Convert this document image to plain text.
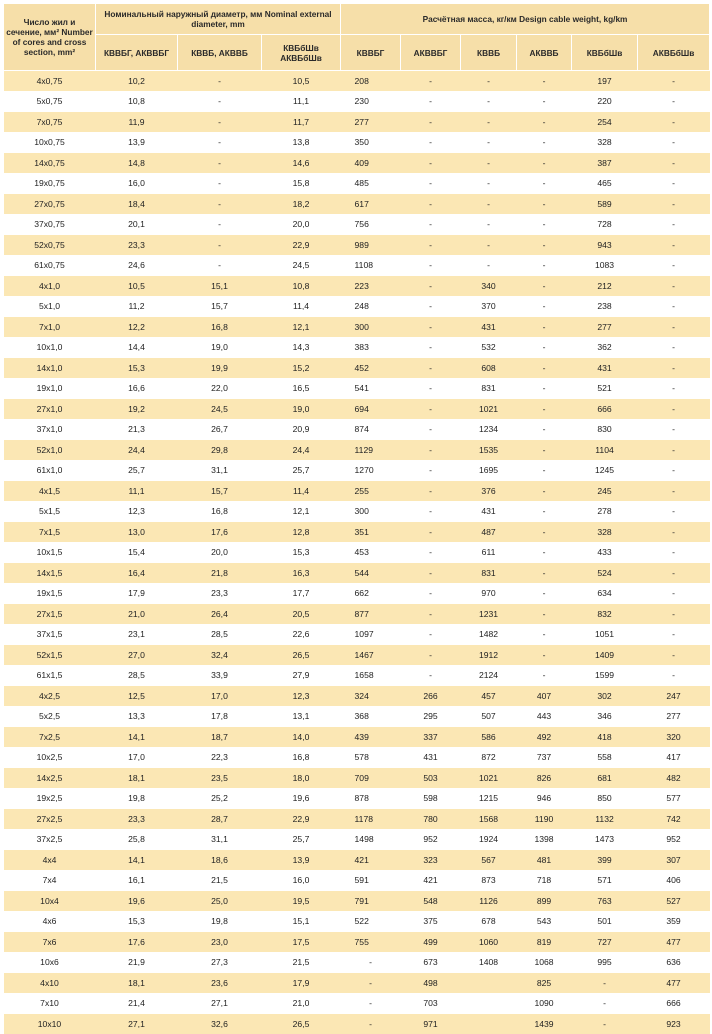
Число жил и сечение, мм² Number of cores and cross section, mm²	Номинальный наружный диаметр, мм Nominal external diameter, mm			Расчётная масса, кг/км Design cable weight, kg/km					
	КВВБГ, АКВВБГ	КВВБ, АКВВБ	КВБбШв АКВБбШв	КВВБГ	АКВВБГ	КВВБ	АКВВБ	КВБбШв	АКВБбШв
4x0,75	10,2	-	10,5	208	-	-	-	197	-
5x0,75	10,8	-	11,1	230	-	-	-	220	-
7x0,75	11,9	-	11,7	277	-	-	-	254	-
10x0,75	13,9	-	13,8	350	-	-	-	328	-
14x0,75	14,8	-	14,6	409	-	-	-	387	-
19x0,75	16,0	-	15,8	485	-	-	-	465	-
27x0,75	18,4	-	18,2	617	-	-	-	589	-
37x0,75	20,1	-	20,0	756	-	-	-	728	-
52x0,75	23,3	-	22,9	989	-	-	-	943	-
61x0,75	24,6	-	24,5	1108	-	-	-	1083	-
4x1,0	10,5	15,1	10,8	223	-	340	-	212	-
5x1,0	11,2	15,7	11,4	248	-	370	-	238	-
7x1,0	12,2	16,8	12,1	300	-	431	-	277	-
10x1,0	14,4	19,0	14,3	383	-	532	-	362	-
14x1,0	15,3	19,9	15,2	452	-	608	-	431	-
19x1,0	16,6	22,0	16,5	541	-	831	-	521	-
27x1,0	19,2	24,5	19,0	694	-	1021	-	666	-
37x1,0	21,3	26,7	20,9	874	-	1234	-	830	-
52x1,0	24,4	29,8	24,4	1129	-	1535	-	1104	-
61x1,0	25,7	31,1	25,7	1270	-	1695	-	1245	-
4x1,5	11,1	15,7	11,4	255	-	376	-	245	-
5x1,5	12,3	16,8	12,1	300	-	431	-	278	-
7x1,5	13,0	17,6	12,8	351	-	487	-	328	-
10x1,5	15,4	20,0	15,3	453	-	611	-	433	-
14x1,5	16,4	21,8	16,3	544	-	831	-	524	-
19x1,5	17,9	23,3	17,7	662	-	970	-	634	-
27x1,5	21,0	26,4	20,5	877	-	1231	-	832	-
37x1,5	23,1	28,5	22,6	1097	-	1482	-	1051	-
52x1,5	27,0	32,4	26,5	1467	-	1912	-	1409	-
61x1,5	28,5	33,9	27,9	1658	-	2124	-	1599	-
4x2,5	12,5	17,0	12,3	324	266	457	407	302	247
5x2,5	13,3	17,8	13,1	368	295	507	443	346	277
7x2,5	14,1	18,7	14,0	439	337	586	492	418	320
10x2,5	17,0	22,3	16,8	578	431	872	737	558	417
14x2,5	18,1	23,5	18,0	709	503	1021	826	681	482
19x2,5	19,8	25,2	19,6	878	598	1215	946	850	577
27x2,5	23,3	28,7	22,9	1178	780	1568	1190	1132	742
37x2,5	25,8	31,1	25,7	1498	952	1924	1398	1473	952
4x4	14,1	18,6	13,9	421	323	567	481	399	307
7x4	16,1	21,5	16,0	591	421	873	718	571	406
10x4	19,6	25,0	19,5	791	548	1126	899	763	527
4x6	15,3	19,8	15,1	522	375	678	543	501	359
7x6	17,6	23,0	17,5	755	499	1060	819	727	477
10x6	21,9	27,3	21,5	-	673	1408	1068	995	636
4x10	18,1	23,6	17,9	-	498		825	-	477
7x10	21,4	27,1	21,0	-	703		1090	-	666
10x10	27,1	32,6	26,5	-	971		1439	-	923
